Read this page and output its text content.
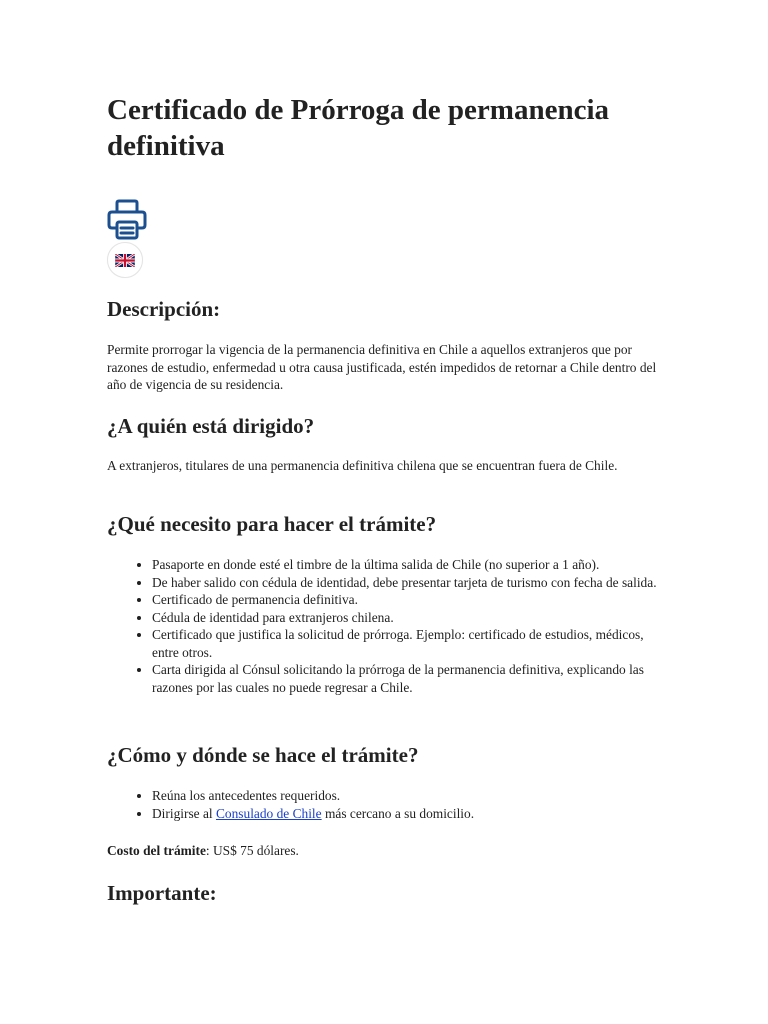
Certificado de Prórroga de permanencia definitiva
Descripción:

Permite prorrogar la vigencia de la permanencia definitiva en Chile a aquellos extranjeros que por razones de estudio, enfermedad u otra causa justificada, estén impedidos de retornar a Chile dentro del año de vigencia de su residencia.

¿A quién está dirigido?

A extranjeros, titulares de una permanencia definitiva chilena que se encuentran fuera de Chile.

¿Qué necesito para hacer el trámite?
• Pasaporte en donde esté el timbre de la última salida de Chile (no superior a 1 año).
• De haber salido con cédula de identidad, debe presentar tarjeta de turismo con fecha de salida.
• Certificado de permanencia definitiva.
• Cédula de identidad para extranjeros chilena.
• Certificado que justifica la solicitud de prórroga. Ejemplo: certificado de estudios, médicos, entre otros.
• Carta dirigida al Cónsul solicitando la prórroga de la permanencia definitiva, explicando las razones por las cuales no puede regresar a Chile.
¿Cómo y dónde se hace el trámite?
• Reúna los antecedentes requeridos.
• Dirigirse al Consulado de Chile más cercano a su domicilio.

Costo del trámite: US$ 75 dólares.

Importante:
